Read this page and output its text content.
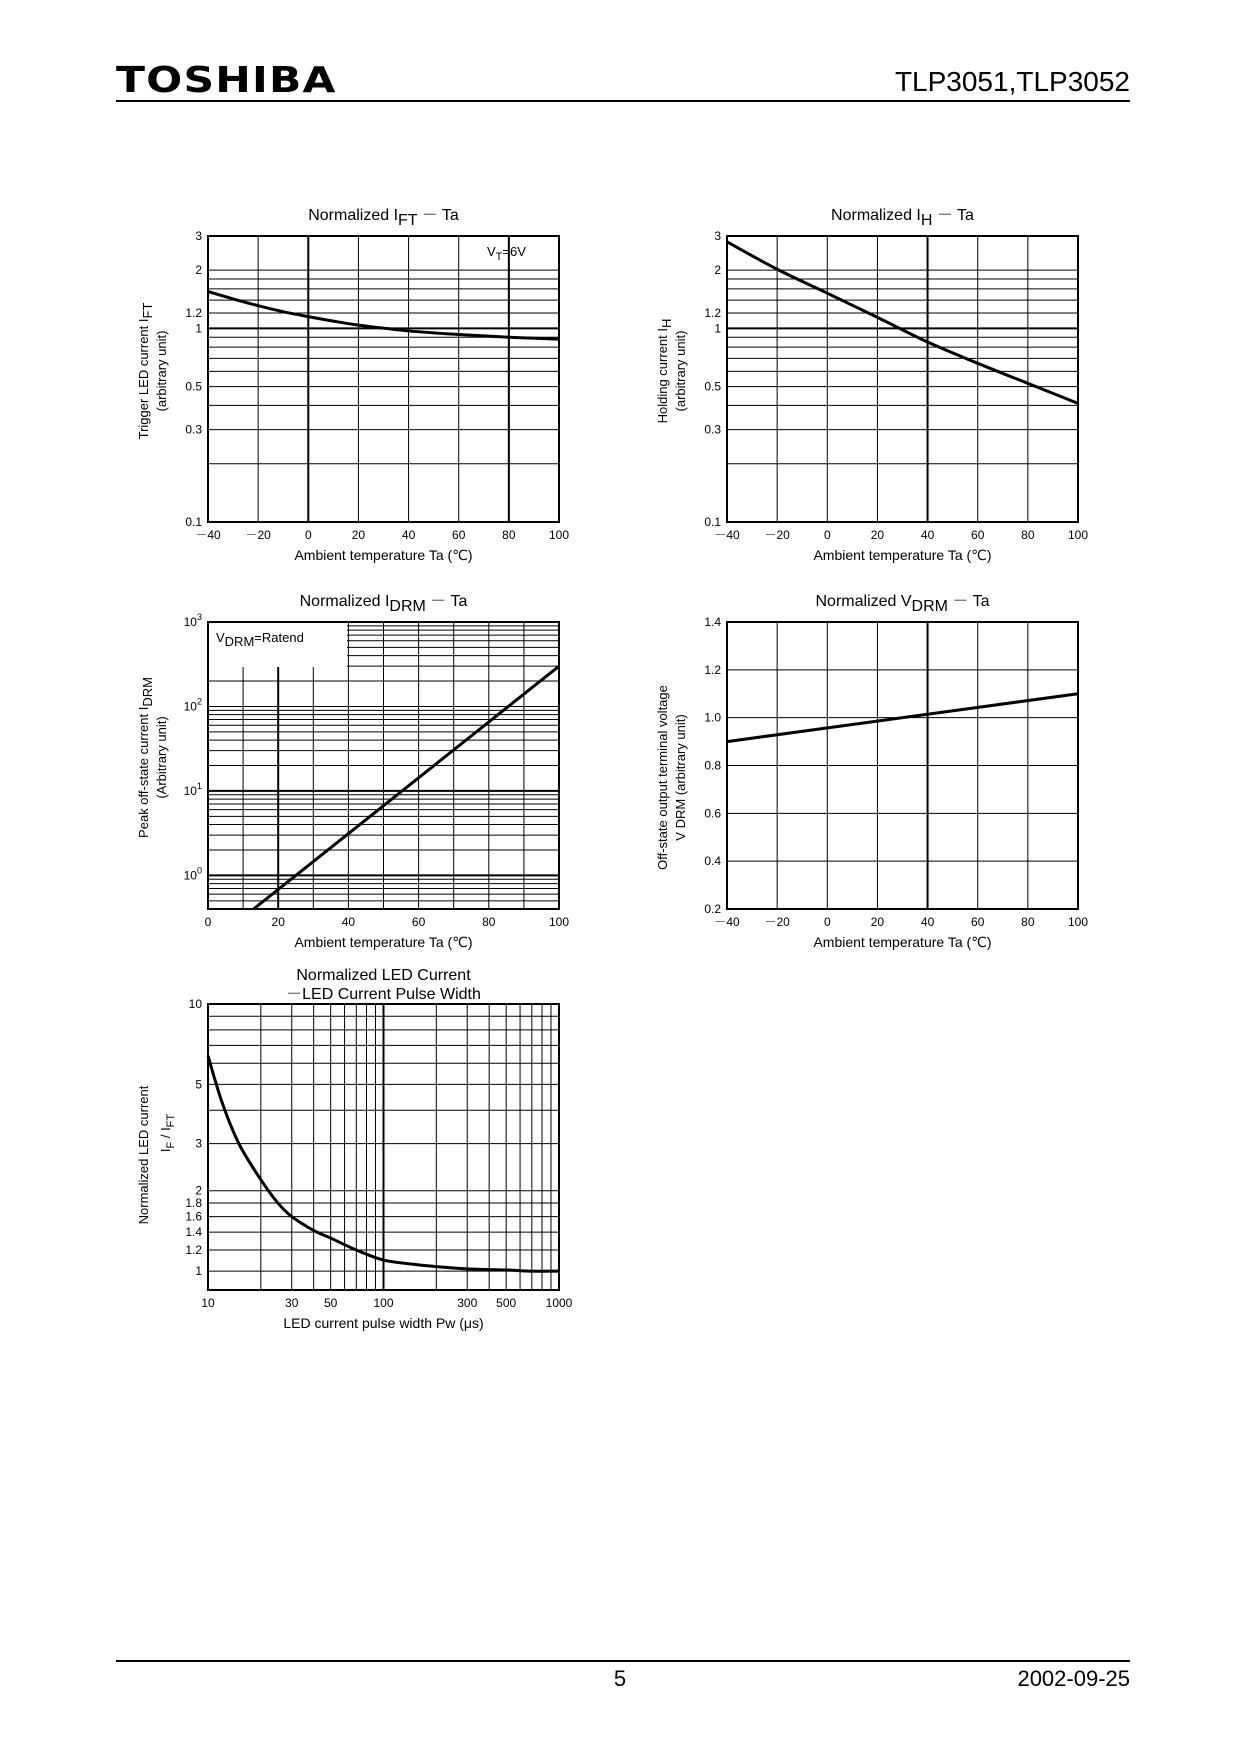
TOSHIBA	TLP3051,TLP3052
$V_T=6V$
－40 －20	0	20	40	60	80	100
0.1
0.3
0.5
1
1.2
2
3
Normalized IFT － Ta
Ambient temperature Ta (℃)
Trigger LED current IFT
(arbitrary unit)
－40 －20	0	20	40	60	80	100
0.1
0.3
0.5
1
1.2
2
3
Normalized IH － Ta
Ambient temperature Ta (℃)
Holding current IH
(arbitrary unit)
VDRM=Ratend
0	20	40	60	80	100
$10^0$
$10^1$
$10^2$
$10^3$
Normalized IDRM － Ta
Ambient temperature Ta (℃)
Peak off-state current IDRM
(Arbitrary unit)
－40 －20	0	20	40	60	80	100
0.2
0.4
0.6
0.8
1.0
1.2
1.4
Normalized VDRM － Ta
Ambient temperature Ta (℃)
Off-state output terminal voltage V DRM (arbitrary unit)
10	30 50	100	300 500 1000
1
1.2
1.4
1.6
1.8
2
3
5
10
Normalized LED Current
－LED Current Pulse Width
LED current pulse width Pw (μs)
Normalized LED current $I_F / I_{FT}$
5	2002-09-25
